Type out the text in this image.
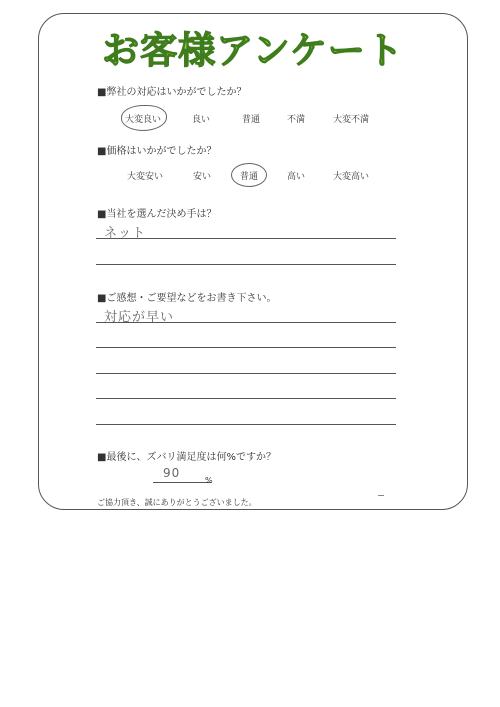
お客様アンケート
■弊社の対応はいかがでしたか？
大変良い	良い	普通	不満	大変不満
■価格はいかがでしたか？
大変安い	安い	普通	高い	大変高い
■当社を選んだ決め手は？
ネット
■ご感想・ご要望などをお書き下さい。
対応が早い
■最後に、ズバリ満足度は何%ですか？
90
%
ご協力頂き、誠にありがとうございました。
